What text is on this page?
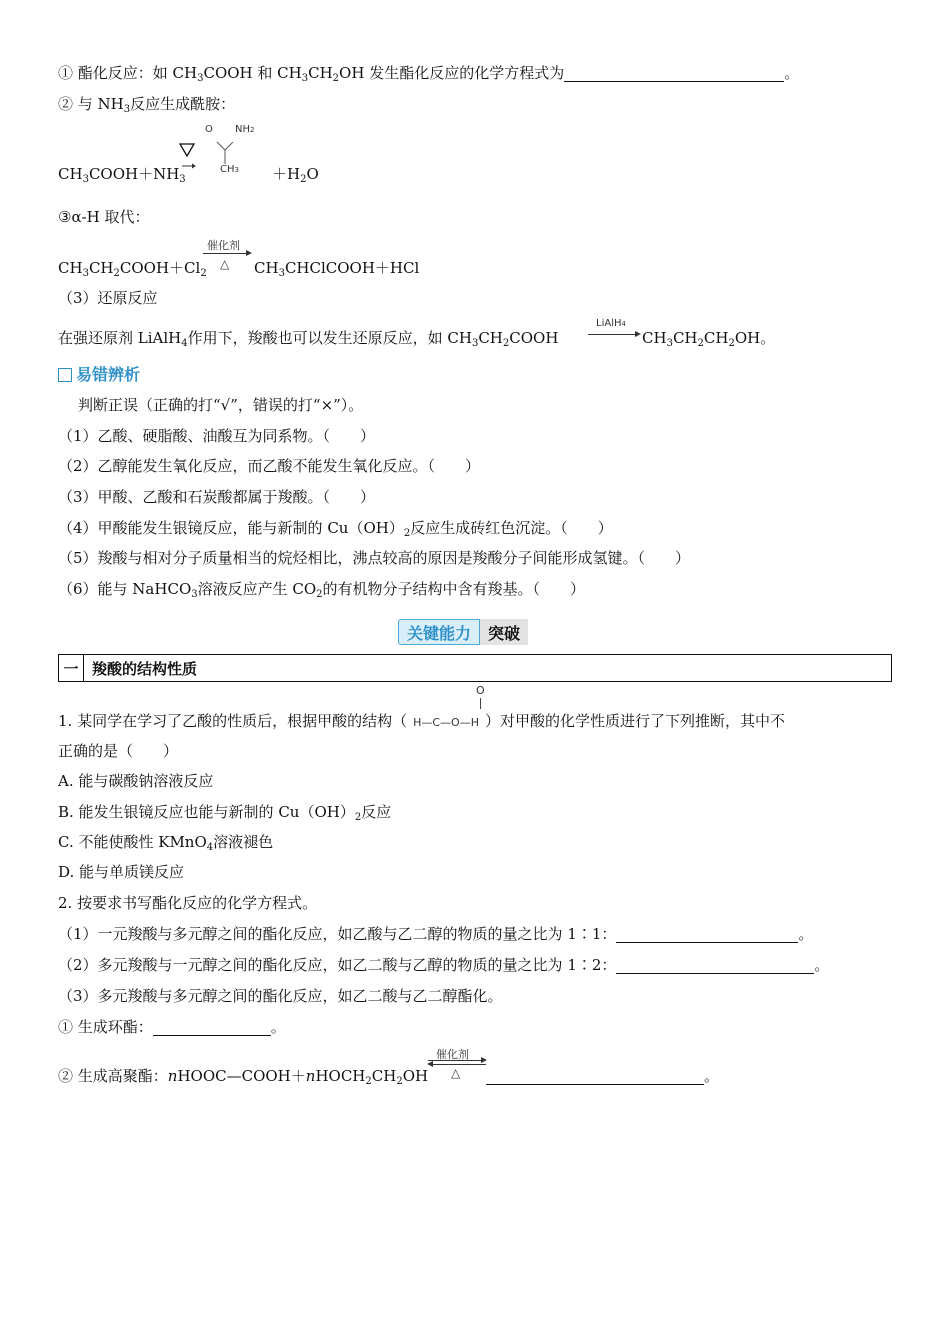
① 酯化反应：如 $CH_3COOH$ 和 $CH_3CH_2OH$ 发生酯化反应的化学方程式为	。
② 与 $NH_3$反应生成酰胺：
O NH2
CH3
$CH_3COOH+NH_3$	$+H_2O$
③α-H 取代：
催化剂
△
$CH_3CH_2COOH+Cl_2$	$CH_3CHClCOOH+HCl$
（3）还原反应
LiAlH4
在强还原剂 LiAlH$_4$作用下，羧酸也可以发生还原反应，如 $CH_3CH_2COOH$	$CH_3CH_2CH_2OH$。
易错辨析
判断正误（正确的打“√”，错误的打“×”）。
（1）乙酸、硬脂酸、油酸互为同系物。（　　）
（2）乙醇能发生氧化反应，而乙酸不能发生氧化反应。（　　）
（3）甲酸、乙酸和石炭酸都属于羧酸。（　　）
（4）甲酸能发生银镜反应，能与新制的 $Cu(OH)_2$反应生成砖红色沉淀。（　　）
（5）羧酸与相对分子质量相当的烷烃相比，沸点较高的原因是羧酸分子间能形成氢键。（　　）
（6）能与 NaHCO$_3$溶液反应产生 $CO_2$的有机物分子结构中含有羧基。（　　）
关键能力	突破
一 羧酸的结构性质
O
1. 某同学在学习了乙酸的性质后，根据甲酸的结构（ H—C—O—H ）对甲酸的化学性质进行了下列推断，其中不
正确的是（　　）
A. 能与碳酸钠溶液反应
B. 能发生银镜反应也能与新制的 $Cu(OH)_2$反应
C. 不能使酸性 KMnO$_4$溶液褪色
D. 能与单质镁反应
2. 按要求书写酯化反应的化学方程式。
（1）一元羧酸与多元醇之间的酯化反应，如乙酸与乙二醇的物质的量之比为 1∶1：	。
（2）多元羧酸与一元醇之间的酯化反应，如乙二酸与乙醇的物质的量之比为 1∶2：	。
（3）多元羧酸与多元醇之间的酯化反应，如乙二酸与乙二醇酯化。
① 生成环酯：	。
催化剂
△
② 生成高聚酯：$nHOOC—COOH+nHOCH_2CH_2OH$	。
